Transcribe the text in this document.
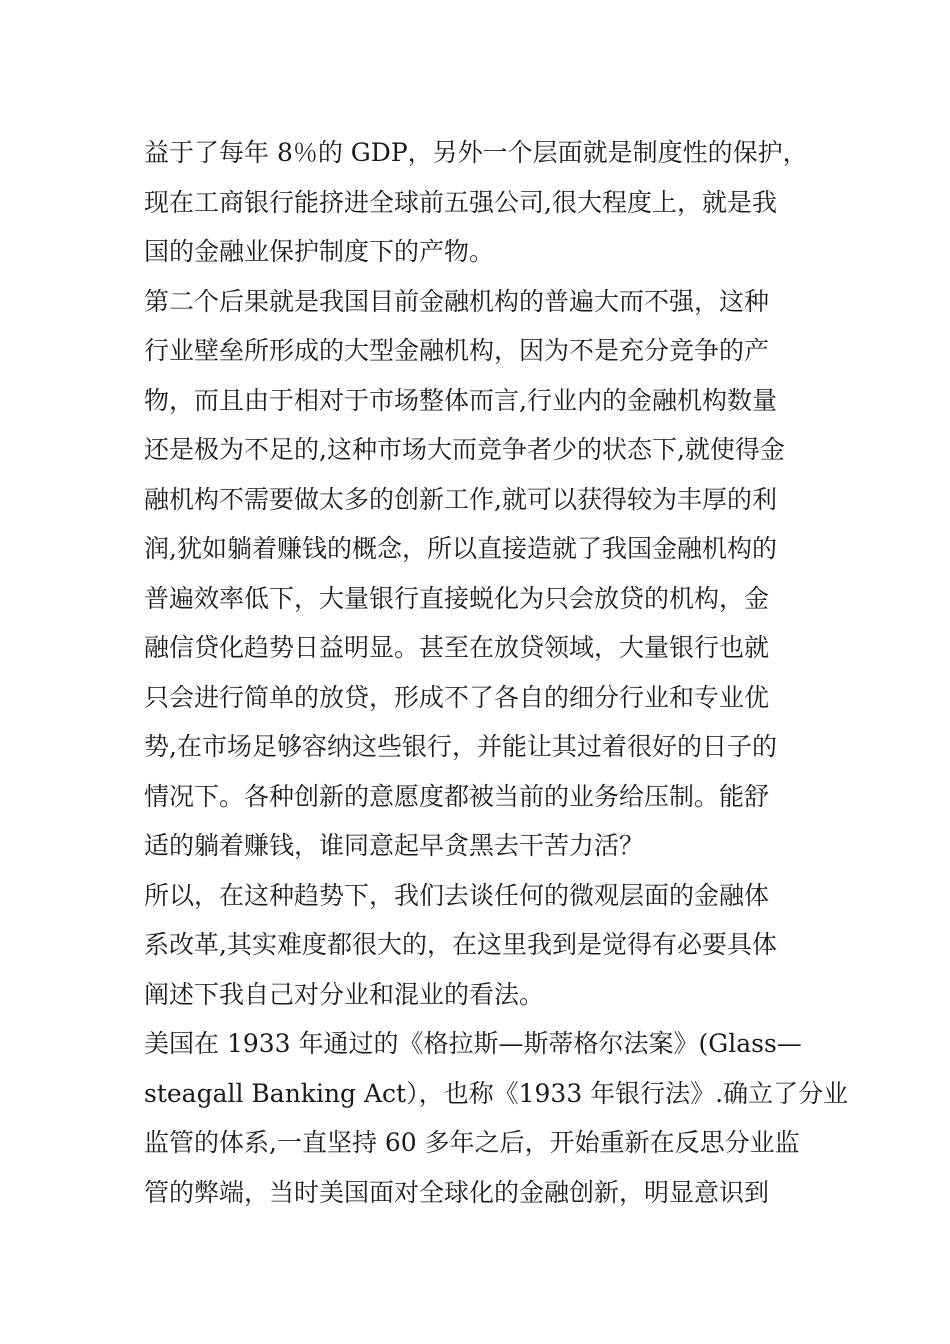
益于了每年 8％的 GDP，另外一个层面就是制度性的保护，
现在工商银行能挤进全球前五强公司,很大程度上，就是我
国的金融业保护制度下的产物。
第二个后果就是我国目前金融机构的普遍大而不强，这种
行业壁垒所形成的大型金融机构，因为不是充分竞争的产
物，而且由于相对于市场整体而言,行业内的金融机构数量
还是极为不足的,这种市场大而竞争者少的状态下,就使得金
融机构不需要做太多的创新工作,就可以获得较为丰厚的利
润,犹如躺着赚钱的概念，所以直接造就了我国金融机构的
普遍效率低下，大量银行直接蜕化为只会放贷的机构，金
融信贷化趋势日益明显。甚至在放贷领域，大量银行也就
只会进行简单的放贷，形成不了各自的细分行业和专业优
势,在市场足够容纳这些银行，并能让其过着很好的日子的
情况下。各种创新的意愿度都被当前的业务给压制。能舒
适的躺着赚钱，谁同意起早贪黑去干苦力活？
所以，在这种趋势下，我们去谈任何的微观层面的金融体
系改革,其实难度都很大的，在这里我到是觉得有必要具体
阐述下我自己对分业和混业的看法。
美国在 1933 年通过的《格拉斯—斯蒂格尔法案》(Glass—
steagall Banking Act），也称《1933 年银行法》.确立了分业
监管的体系,一直坚持 60 多年之后，开始重新在反思分业监
管的弊端，当时美国面对全球化的金融创新，明显意识到
